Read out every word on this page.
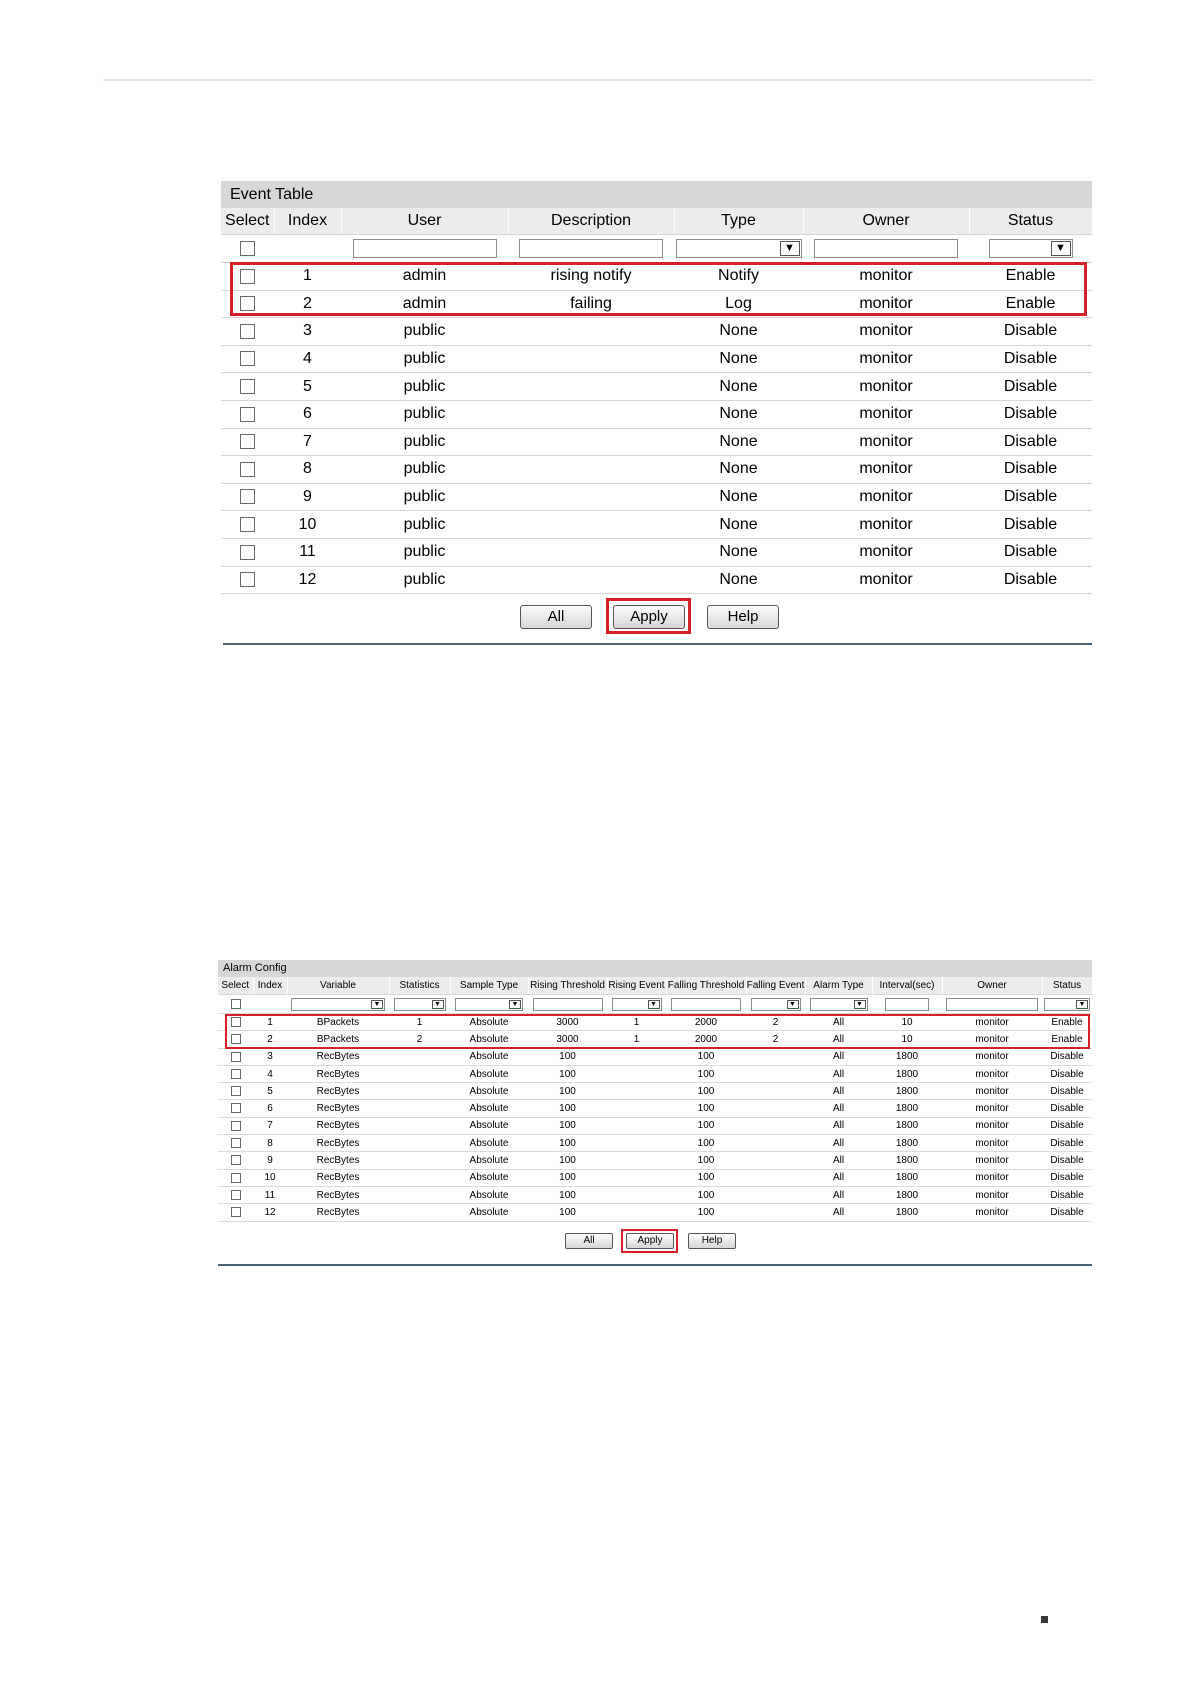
Event Table
Select	Index	User	Description	Type	Owner	Status

				▼		▼

	1	admin	rising notify	Notify	monitor	Enable
	2	admin	failing	Log	monitor	Enable
	3	public		None	monitor	Disable
	4	public		None	monitor	Disable
	5	public		None	monitor	Disable
	6	public		None	monitor	Disable
	7	public		None	monitor	Disable
	8	public		None	monitor	Disable
	9	public		None	monitor	Disable
	10	public		None	monitor	Disable
	11	public		None	monitor	Disable
	12	public		None	monitor	Disable
All	Apply	Help
Alarm Config
Select	Index	Variable	Statistics	Sample Type	Rising Threshold	Rising Event	Falling Threshold	Falling Event	Alarm Type	Interval(sec)	Owner	Status

		▼	▼	▼		▼		▼	▼			▼

	1	BPackets	1	Absolute	3000	1	2000	2	All	10	monitor	Enable
	2	BPackets	2	Absolute	3000	1	2000	2	All	10	monitor	Enable
	3	RecBytes		Absolute	100		100		All	1800	monitor	Disable
	4	RecBytes		Absolute	100		100		All	1800	monitor	Disable
	5	RecBytes		Absolute	100		100		All	1800	monitor	Disable
	6	RecBytes		Absolute	100		100		All	1800	monitor	Disable
	7	RecBytes		Absolute	100		100		All	1800	monitor	Disable
	8	RecBytes		Absolute	100		100		All	1800	monitor	Disable
	9	RecBytes		Absolute	100		100		All	1800	monitor	Disable
	10	RecBytes		Absolute	100		100		All	1800	monitor	Disable
	11	RecBytes		Absolute	100		100		All	1800	monitor	Disable
	12	RecBytes		Absolute	100		100		All	1800	monitor	Disable
All	Apply	Help
